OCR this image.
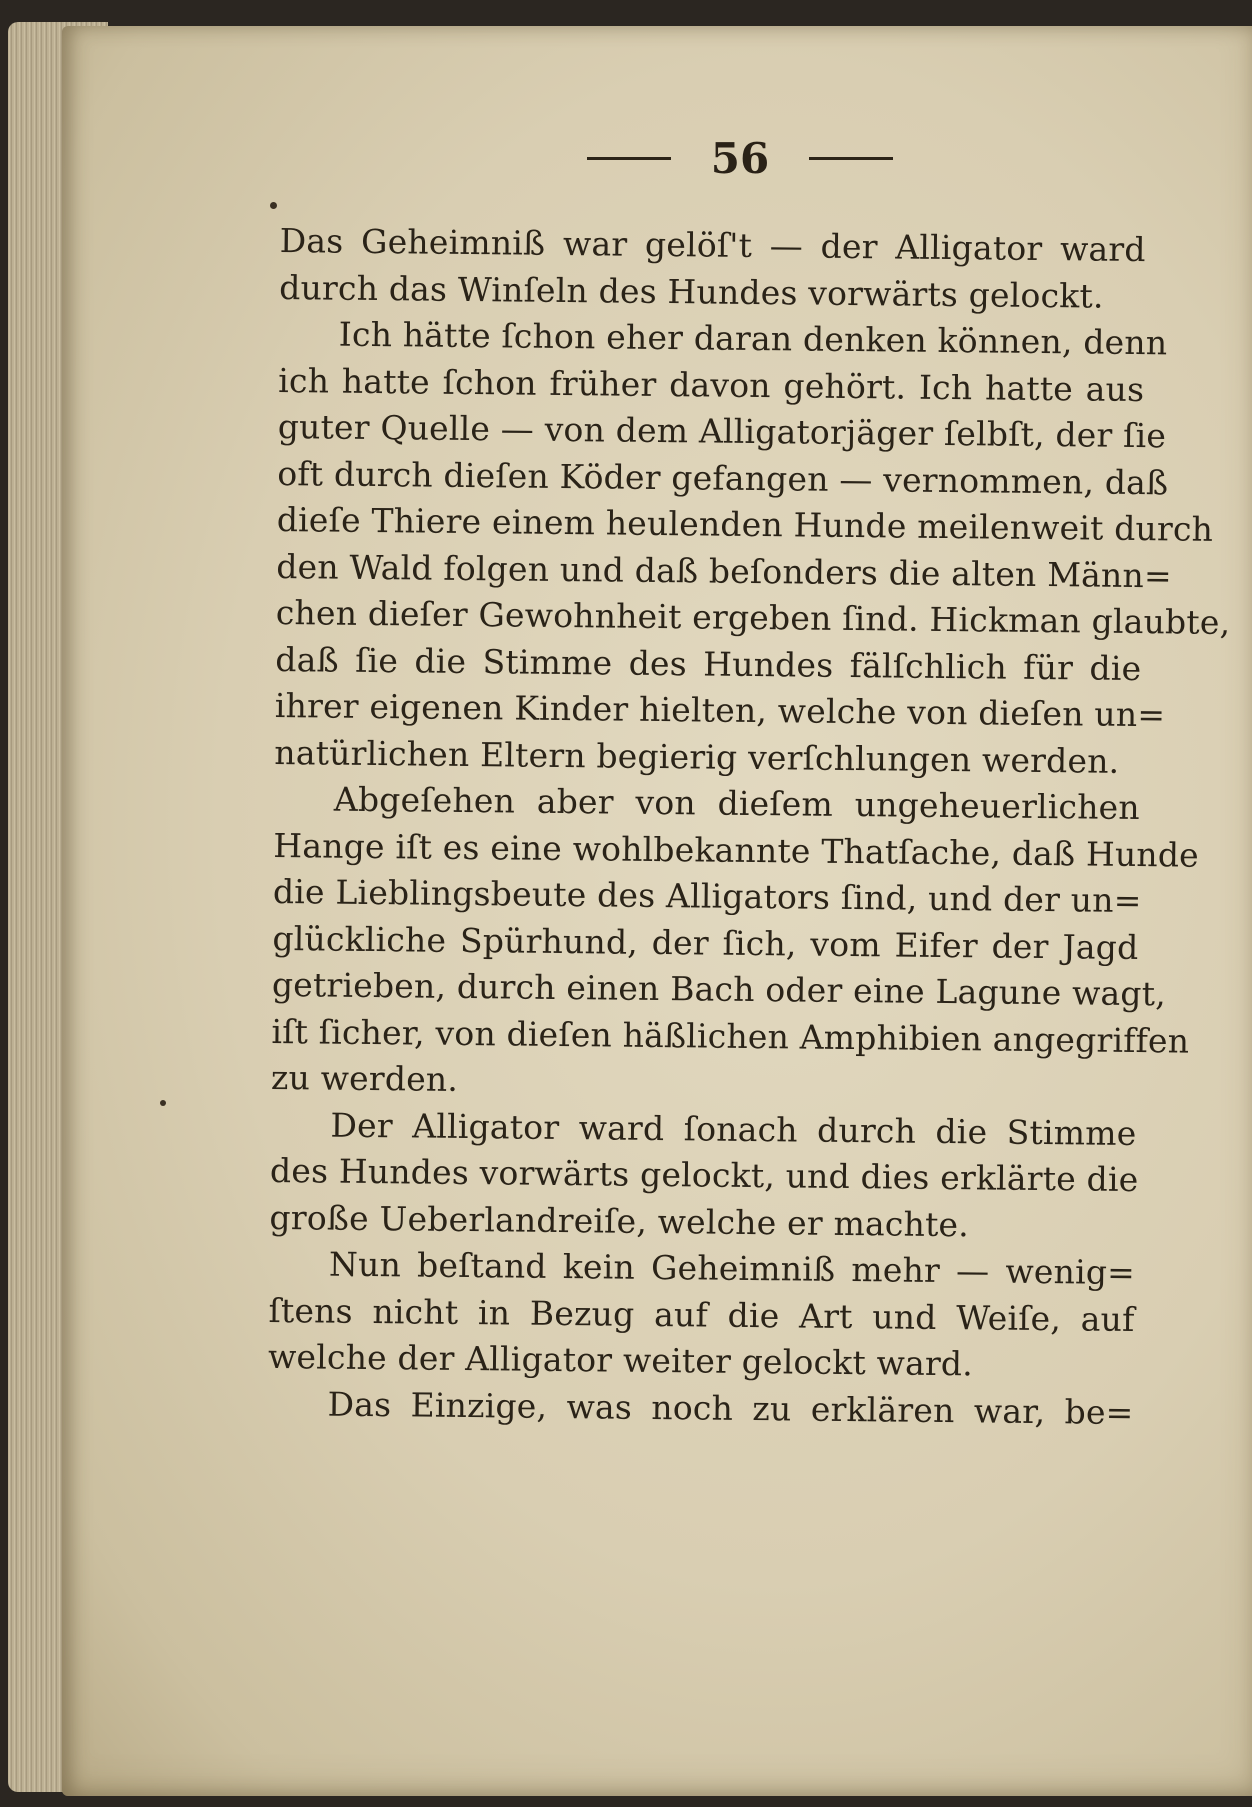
56
Das Geheimniß war gelöſ't — der Alligator ward
durch das Winſeln des Hundes vorwärts gelockt.
Ich hätte ſchon eher daran denken können, denn
ich hatte ſchon früher davon gehört. Ich hatte aus
guter Quelle — von dem Alligatorjäger ſelbſt, der ſie
oft durch dieſen Köder gefangen — vernommen, daß
dieſe Thiere einem heulenden Hunde meilenweit durch
den Wald folgen und daß beſonders die alten Männ=
chen dieſer Gewohnheit ergeben ſind. Hickman glaubte,
daß ſie die Stimme des Hundes fälſchlich für die
ihrer eigenen Kinder hielten, welche von dieſen un=
natürlichen Eltern begierig verſchlungen werden.
Abgeſehen aber von dieſem ungeheuerlichen
Hange iſt es eine wohlbekannte Thatſache, daß Hunde
die Lieblingsbeute des Alligators ſind, und der un=
glückliche Spürhund, der ſich, vom Eifer der Jagd
getrieben, durch einen Bach oder eine Lagune wagt,
iſt ſicher, von dieſen häßlichen Amphibien angegriffen
zu werden.
Der Alligator ward ſonach durch die Stimme
des Hundes vorwärts gelockt, und dies erklärte die
große Ueberlandreiſe, welche er machte.
Nun beſtand kein Geheimniß mehr — wenig=
ſtens nicht in Bezug auf die Art und Weiſe, auf
welche der Alligator weiter gelockt ward.
Das Einzige, was noch zu erklären war, be=
